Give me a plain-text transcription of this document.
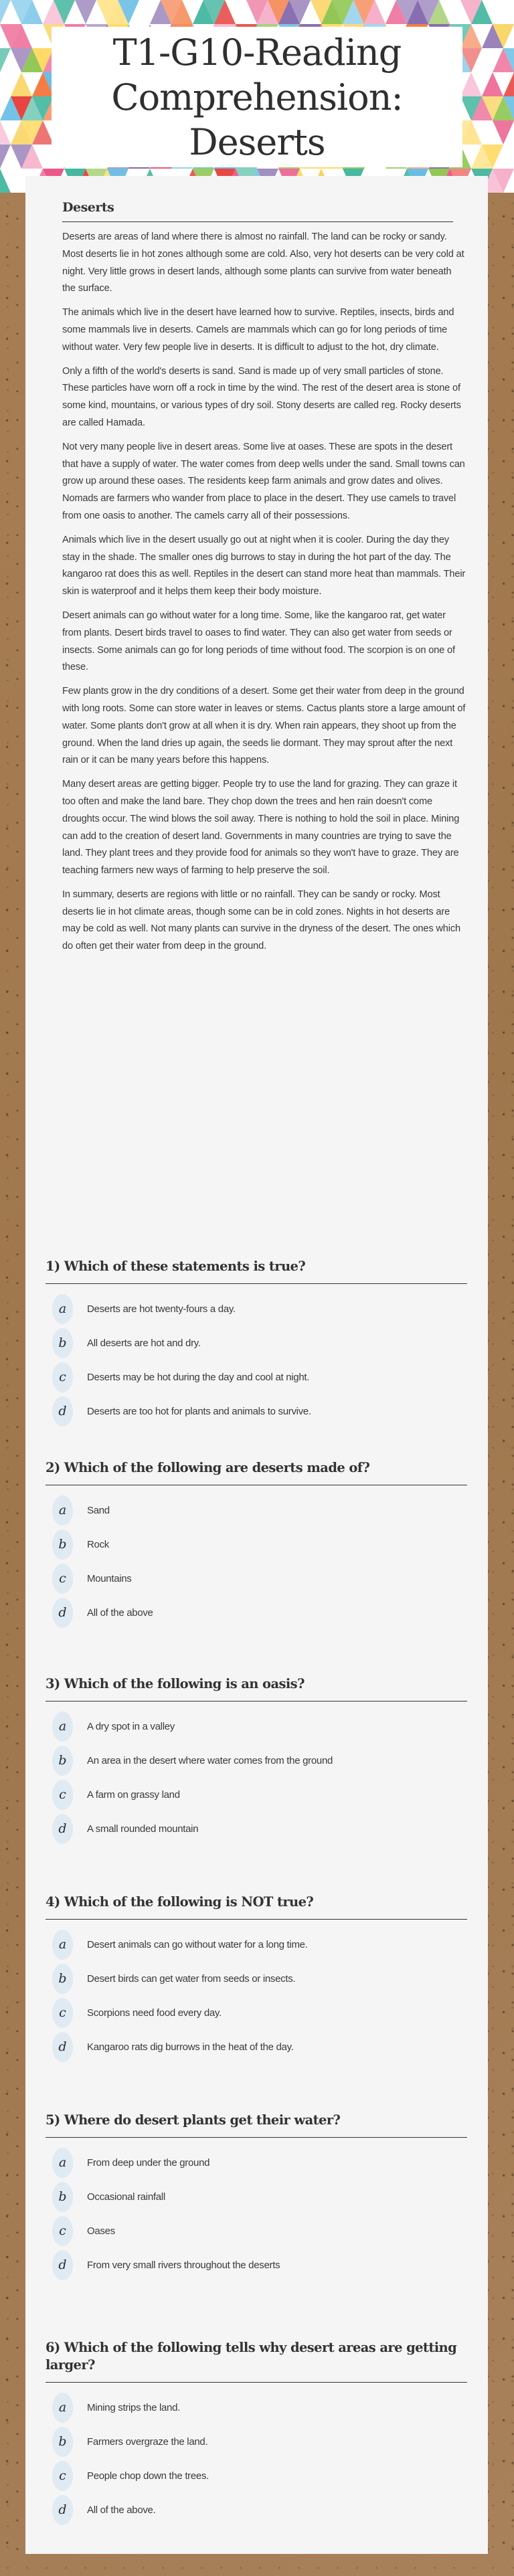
T1-G10-Reading Comprehension: Deserts
Deserts

Deserts are areas of land where there is almost no rainfall. The land can be rocky or sandy. Most deserts lie in hot zones although some are cold. Also, very hot deserts can be very cold at night. Very little grows in desert lands, although some plants can survive from water beneath the surface.

The animals which live in the desert have learned how to survive. Reptiles, insects, birds and some mammals live in deserts. Camels are mammals which can go for long periods of time without water. Very few people live in deserts. It is difficult to adjust to the hot, dry climate.

Only a fifth of the world's deserts is sand. Sand is made up of very small particles of stone. These particles have worn off a rock in time by the wind. The rest of the desert area is stone of some kind, mountains, or various types of dry soil. Stony deserts are called reg. Rocky deserts are called Hamada.

Not very many people live in desert areas. Some live at oases. These are spots in the desert that have a supply of water. The water comes from deep wells under the sand. Small towns can grow up around these oases. The residents keep farm animals and grow dates and olives. Nomads are farmers who wander from place to place in the desert. They use camels to travel from one oasis to another. The camels carry all of their possessions.

Animals which live in the desert usually go out at night when it is cooler. During the day they stay in the shade. The smaller ones dig burrows to stay in during the hot part of the day. The kangaroo rat does this as well. Reptiles in the desert can stand more heat than mammals. Their skin is waterproof and it helps them keep their body moisture.

Desert animals can go without water for a long time. Some, like the kangaroo rat, get water from plants. Desert birds travel to oases to find water. They can also get water from seeds or insects. Some animals can go for long periods of time without food. The scorpion is on one of these.

Few plants grow in the dry conditions of a desert. Some get their water from deep in the ground with long roots. Some can store water in leaves or stems. Cactus plants store a large amount of water. Some plants don't grow at all when it is dry. When rain appears, they shoot up from the ground. When the land dries up again, the seeds lie dormant. They may sprout after the next rain or it can be many years before this happens.

Many desert areas are getting bigger. People try to use the land for grazing. They can graze it too often and make the land bare. They chop down the trees and hen rain doesn't come droughts occur. The wind blows the soil away. There is nothing to hold the soil in place. Mining can add to the creation of desert land. Governments in many countries are trying to save the land. They plant trees and they provide food for animals so they won't have to graze. They are teaching farmers new ways of farming to help preserve the soil.

In summary, deserts are regions with little or no rainfall. They can be sandy or rocky. Most deserts lie in hot climate areas, though some can be in cold zones. Nights in hot deserts are may be cold as well. Not many plants can survive in the dryness of the desert. The ones which do often get their water from deep in the ground.

1) Which of these statements is true?
a	Deserts are hot twenty-fours a day.
b	All deserts are hot and dry.
c	Deserts may be hot during the day and cool at night.
d	Deserts are too hot for plants and animals to survive.
2) Which of the following are deserts made of?
a	Sand
b	Rock
c	Mountains
d	All of the above
3) Which of the following is an oasis?
a	A dry spot in a valley
b	An area in the desert where water comes from the ground
c	A farm on grassy land
d	A small rounded mountain
4) Which of the following is NOT true?
a	Desert animals can go without water for a long time.
b	Desert birds can get water from seeds or insects.
c	Scorpions need food every day.
d	Kangaroo rats dig burrows in the heat of the day.
5) Where do desert plants get their water?
a	From deep under the ground
b	Occasional rainfall
c	Oases
d	From very small rivers throughout the deserts
6) Which of the following tells why desert areas are getting larger?
a	Mining strips the land.
b	Farmers overgraze the land.
c	People chop down the trees.
d	All of the above.
